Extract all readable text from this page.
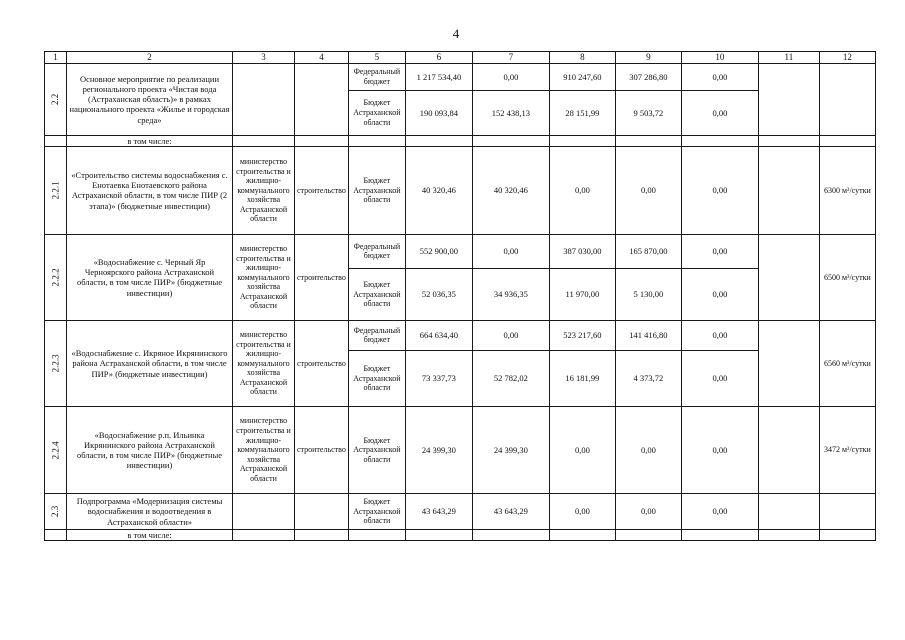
4
1	2	3	4	5	6	7	8	9	10	11	12
2.2	Основное мероприятие по реализации регионального проекта «Чистая вода (Астраханская область)» в рамках национального проекта «Жилье и городская среда»			Федеральный бюджет	1 217 534,40	0,00	910 247,60	307 286,80	0,00		
				Бюджет Астраханской области	190 093,84	152 438,13	28 151,99	9 503,72	0,00		
	в том числе:										
2.2.1	«Строительство системы водоснабжения с. Енотаевка Енотаевского района Астраханской области, в том числе ПИР (2 этапа)» (бюджетные инвестиции)	министерство строительства и жилищно-коммунального хозяйства Астраханской области	строительство	Бюджет Астраханской области	40 320,46	40 320,46	0,00	0,00	0,00		6300 м³/сутки
2.2.2	«Водоснабжение с. Черный Яр Черноярского района Астраханской области, в том числе ПИР» (бюджетные инвестиции)	министерство строительства и жилищно-коммунального хозяйства Астраханской области	строительство	Федеральный бюджет	552 900,00	0,00	387 030,00	165 870,00	0,00		6500 м³/сутки
				Бюджет Астраханской области	52 036,35	34 936,35	11 970,00	5 130,00	0,00		
2.2.3	«Водоснабжение с. Икряное Икрянинского района Астраханской области, в том числе ПИР» (бюджетные инвестиции)	министерство строительства и жилищно-коммунального хозяйства Астраханской области	строительство	Федеральный бюджет	664 634,40	0,00	523 217,60	141 416,80	0,00		6560 м³/сутки
				Бюджет Астраханской области	73 337,73	52 782,02	16 181,99	4 373,72	0,00		
2.2.4	«Водоснабжение р.п. Ильинка Икрянинского района Астраханской области, в том числе ПИР» (бюджетные инвестиции)	министерство строительства и жилищно-коммунального хозяйства Астраханской области	строительство	Бюджет Астраханской области	24 399,30	24 399,30	0,00	0,00	0,00		3472 м³/сутки
2.3	Подпрограмма «Модернизация системы водоснабжения и водоотведения в Астраханской области»			Бюджет Астраханской области	43 643,29	43 643,29	0,00	0,00	0,00		
	в том числе:										
